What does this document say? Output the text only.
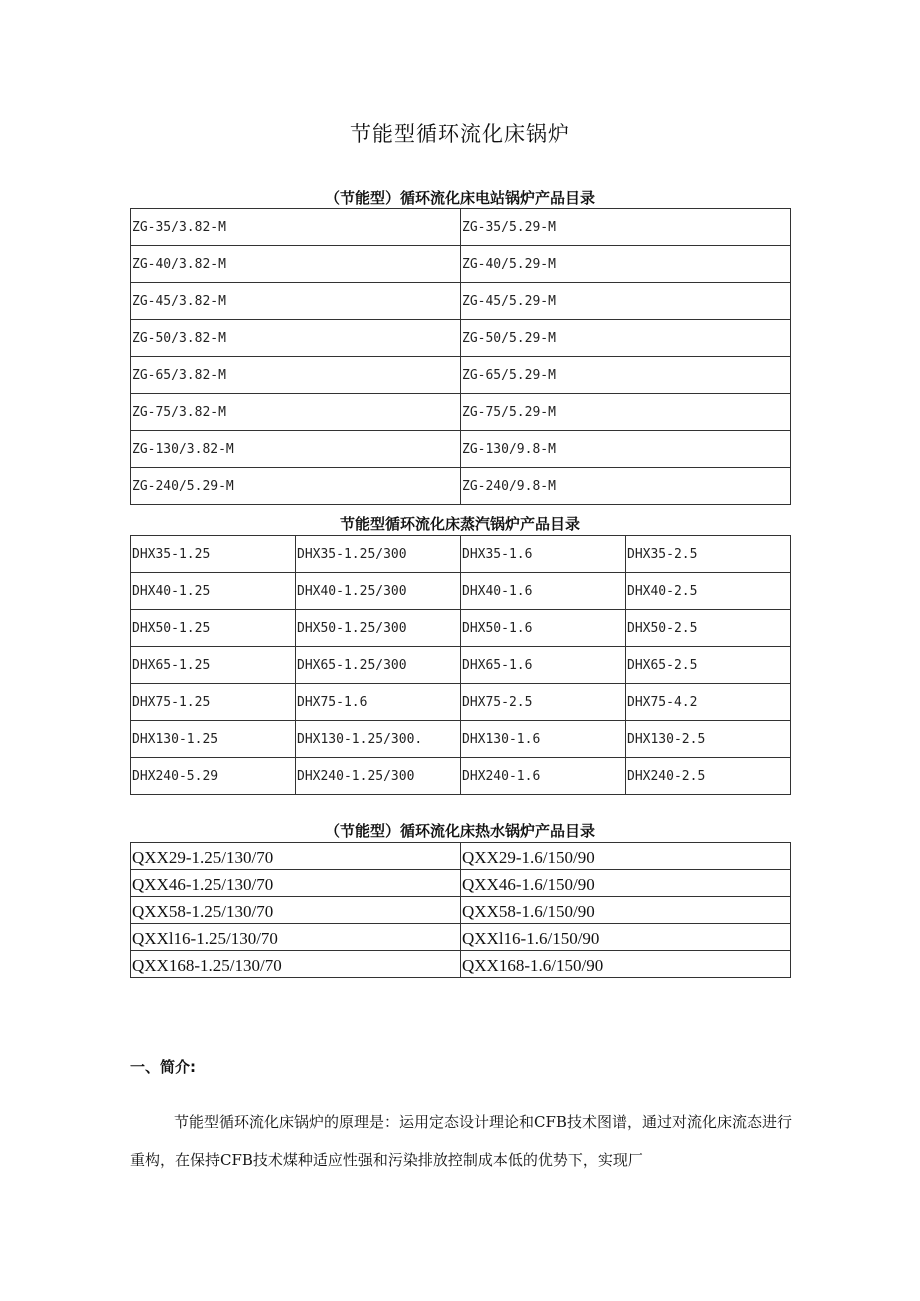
节能型循环流化床锅炉
（节能型）循环流化床电站锅炉产品目录
ZG-35/3.82-M	ZG-35/5.29-M
ZG-40/3.82-M	ZG-40/5.29-M
ZG-45/3.82-M	ZG-45/5.29-M
ZG-50/3.82-M	ZG-50/5.29-M
ZG-65/3.82-M	ZG-65/5.29-M
ZG-75/3.82-M	ZG-75/5.29-M
ZG-130/3.82-M	ZG-130/9.8-M
ZG-240/5.29-M	ZG-240/9.8-M
节能型循环流化床蒸汽锅炉产品目录
DHX35-1.25	DHX35-1.25/300	DHX35-1.6	DHX35-2.5
DHX40-1.25	DHX40-1.25/300	DHX40-1.6	DHX40-2.5
DHX50-1.25	DHX50-1.25/300	DHX50-1.6	DHX50-2.5
DHX65-1.25	DHX65-1.25/300	DHX65-1.6	DHX65-2.5
DHX75-1.25	DHX75-1.6	DHX75-2.5	DHX75-4.2
DHX130-1.25	DHX130-1.25/300.	DHX130-1.6	DHX130-2.5
DHX240-5.29	DHX240-1.25/300	DHX240-1.6	DHX240-2.5
（节能型）循环流化床热水锅炉产品目录
QXX29-1.25/130/70	QXX29-1.6/150/90
QXX46-1.25/130/70	QXX46-1.6/150/90
QXX58-1.25/130/70	QXX58-1.6/150/90
QXXl16-1.25/130/70	QXXl16-1.6/150/90
QXX168-1.25/130/70	QXX168-1.6/150/90
一、简介:
节能型循环流化床锅炉的原理是：运用定态设计理论和CFB技术图谱，通过对流化床流态进行重构，在保持CFB技术煤种适应性强和污染排放控制成本低的优势下，实现厂
